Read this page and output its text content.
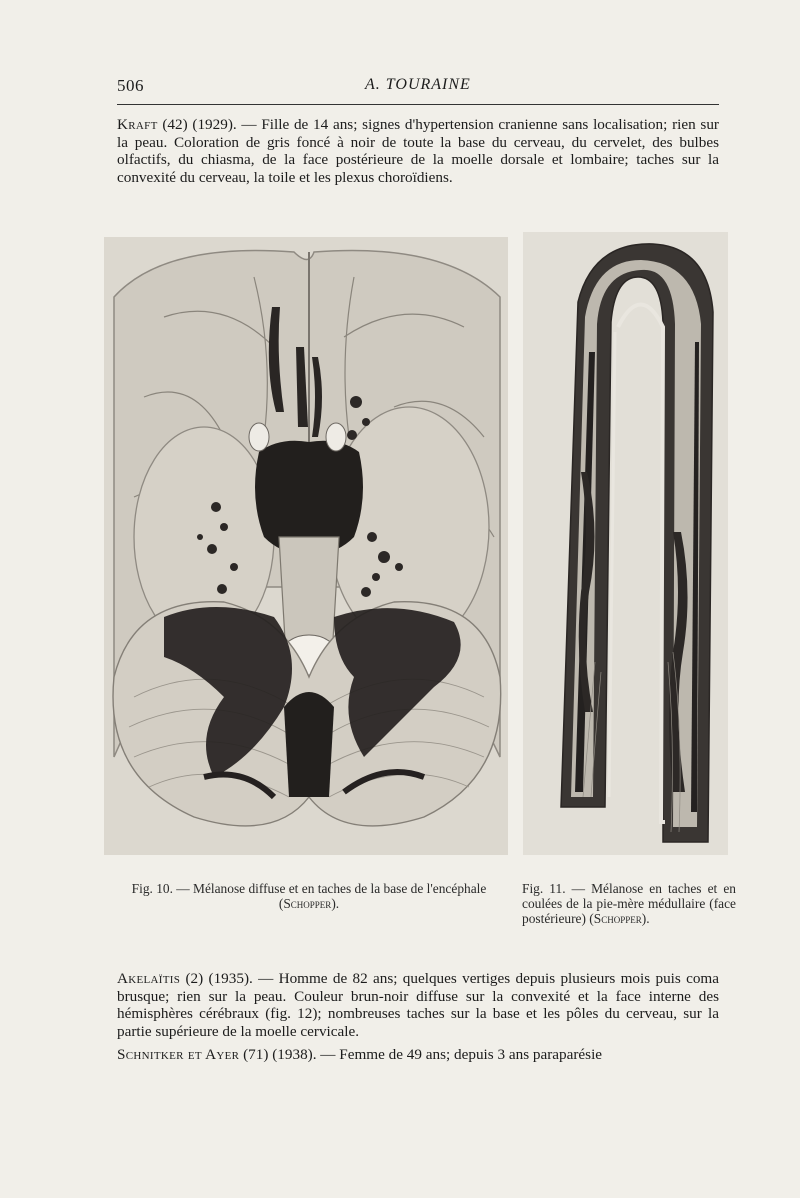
506	A. TOURAINE
Kraft (42) (1929). — Fille de 14 ans; signes d'hypertension cranienne sans localisation; rien sur la peau. Coloration de gris foncé à noir de toute la base du cerveau, du cervelet, des bulbes olfactifs, du chiasma, de la face postérieure de la moelle dorsale et lombaire; taches sur la convexité du cerveau, la toile et les plexus choroïdiens.
Fig. 10. — Mélanose diffuse et en taches de la base de l'encéphale (Schopper).
Fig. 11. — Mélanose en taches et en coulées de la pie-mère médullaire (face postérieure) (Schopper).
Akelaïtis (2) (1935). — Homme de 82 ans; quelques vertiges depuis plusieurs mois puis coma brusque; rien sur la peau. Couleur brun-noir diffuse sur la convexité et la face interne des hémisphères cérébraux (fig. 12); nombreuses taches sur la base et les pôles du cerveau, sur la partie supérieure de la moelle cervicale.
Schnitker et Ayer (71) (1938). — Femme de 49 ans; depuis 3 ans paraparésie
